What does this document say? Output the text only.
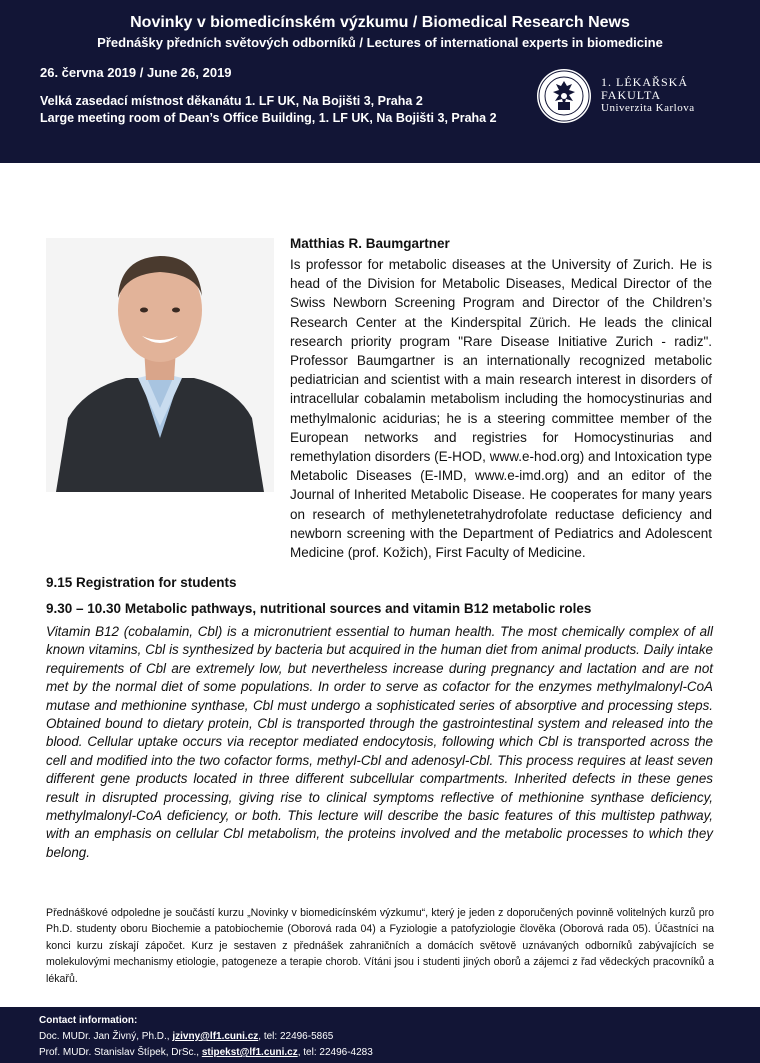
Novinky v biomedicínském výzkumu / Biomedical Research News
Přednášky předních světových odborníků / Lectures of international experts in biomedicine
26. června 2019 / June 26, 2019
Velká zasedací místnost děkanátu 1. LF UK, Na Bojišti 3, Praha 2
Large meeting room of Dean’s Office Building, 1. LF UK, Na Bojišti 3, Praha 2
1. LÉKAŘSKÁ
FAKULTA
Univerzita Karlova
Matthias R. Baumgartner
Is professor for metabolic diseases at the University of Zurich. He is head of the Division for Metabolic Diseases, Medical Director of the Swiss Newborn Screening Program and Director of the Children’s Research Center at the Kinderspital Zürich. He leads the clinical research priority program "Rare Disease Initiative Zurich - radiz". Professor Baumgartner is an internationally recognized metabolic pediatrician and scientist with a main research interest in disorders of intracellular cobalamin metabolism including the homocystinurias and methylmalonic acidurias; he is a steering committee member of the European networks and registries for Homocystinurias and remethylation disorders (E-HOD, www.e-hod.org) and Intoxication type Metabolic Diseases (E-IMD, www.e-imd.org) and an editor of the Journal of Inherited Metabolic Disease. He cooperates for many years on research of methylenetetrahydrofolate reductase deficiency and newborn screening with the Department of Pediatrics and Adolescent Medicine (prof. Kožich), First Faculty of Medicine.
9.15 Registration for students
9.30 – 10.30 Metabolic pathways, nutritional sources and vitamin B12 metabolic roles
Vitamin B12 (cobalamin, Cbl) is a micronutrient essential to human health. The most chemically complex of all known vitamins, Cbl is synthesized by bacteria but acquired in the human diet from animal products. Daily intake requirements of Cbl are extremely low, but nevertheless increase during pregnancy and lactation and are not met by the normal diet of some populations. In order to serve as cofactor for the enzymes methylmalonyl-CoA mutase and methionine synthase, Cbl must undergo a sophisticated series of absorptive and processing steps. Obtained bound to dietary protein, Cbl is transported through the gastrointestinal system and released into the blood. Cellular uptake occurs via receptor mediated endocytosis, following which Cbl is transported across the cell and modified into the two cofactor forms, methyl-Cbl and adenosyl-Cbl. This process requires at least seven different gene products located in three different subcellular compartments. Inherited defects in these genes result in disrupted processing, giving rise to clinical symptoms reflective of methionine synthase deficiency, methylmalonyl-CoA deficiency, or both. This lecture will describe the basic features of this multistep pathway, with an emphasis on cellular Cbl metabolism, the proteins involved and the metabolic processes to which they belong.
Přednáškové odpoledne je součástí kurzu „Novinky v biomedicínském výzkumu“, který je jeden z doporučených povinně volitelných kurzů pro Ph.D. studenty oboru Biochemie a patobiochemie (Oborová rada 04) a Fyziologie a patofyziologie člověka (Oborová rada 05). Účastníci na konci kurzu získají zápočet. Kurz je sestaven z přednášek zahraničních a domácích světově uznávaných odborníků zabývajících se molekulovými mechanismy etiologie, patogeneze a terapie chorob. Vítáni jsou i studenti jiných oborů a zájemci z řad vědeckých pracovníků a lékařů.
Contact information:
Doc. MUDr. Jan Živný, Ph.D., jzivny@lf1.cuni.cz, tel: 22496-5865
Prof. MUDr. Stanislav Štípek, DrSc., stipekst@lf1.cuni.cz, tel: 22496-4283
